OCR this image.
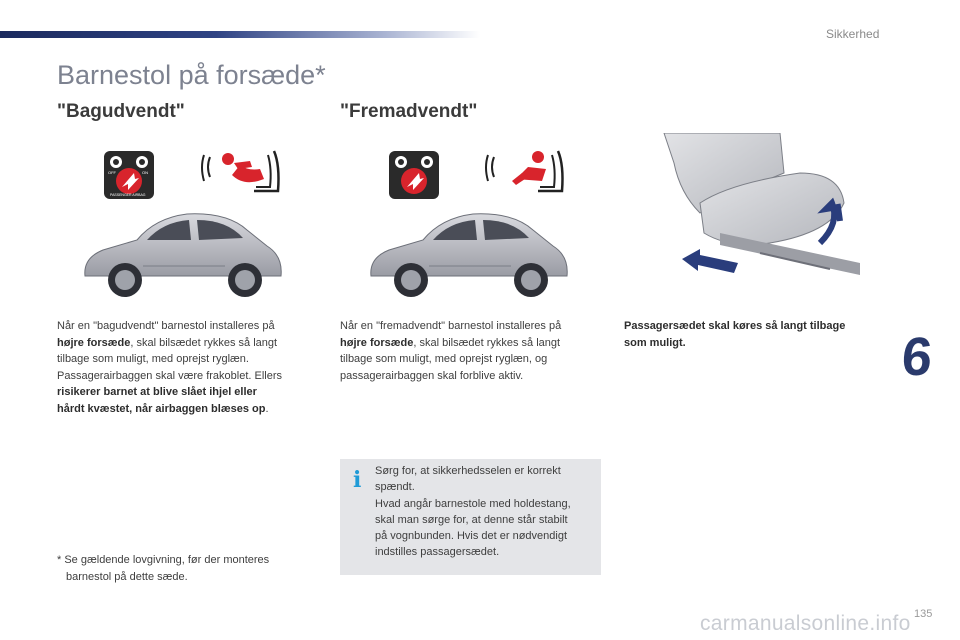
Sikkerhed
Barnestol på forsæde*
"Bagudvendt"	"Fremadvendt"
OFF	ON
PASSENGER AIRBAG
Når en "bagudvendt" barnestol installeres på
højre forsæde, skal bilsædet rykkes så langt
tilbage som muligt, med oprejst ryglæn.
Passagerairbaggen skal være frakoblet. Ellers
risikerer barnet at blive slået ihjel eller
hårdt kvæstet, når airbaggen blæses op.
Når en "fremadvendt" barnestol installeres på
højre forsæde, skal bilsædet rykkes så langt
tilbage som muligt, med oprejst ryglæn, og
passagerairbaggen skal forblive aktiv.
Passagersædet skal køres så langt tilbage
som muligt.
i Sørg for, at sikkerhedsselen er korrekt
spændt.
Hvad angår barnestole med holdestang,
skal man sørge for, at denne står stabilt
på vognbunden. Hvis det er nødvendigt
indstilles passagersædet.
* Se gældende lovgivning, før der monteres
barnestol på dette sæde.
6
135
carmanualsonline.info
